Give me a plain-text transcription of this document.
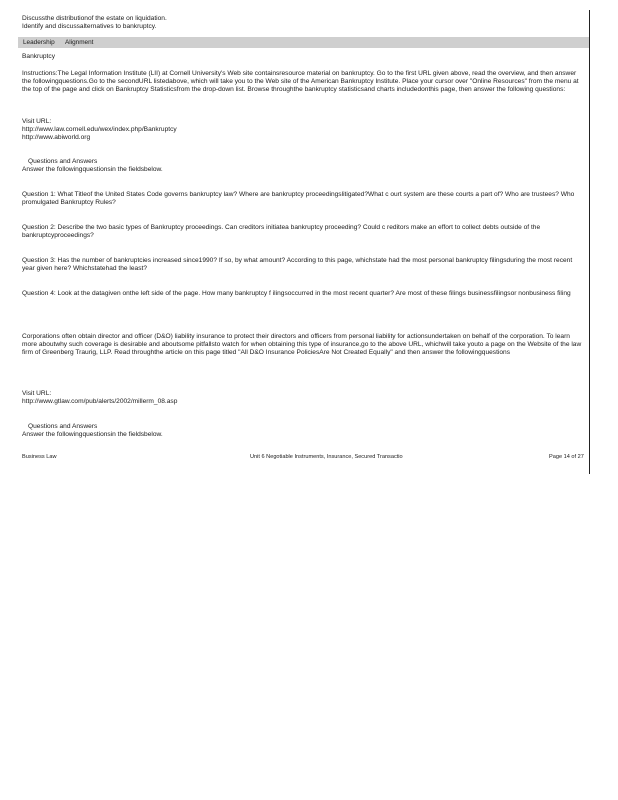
Discussthe distributionof the estate on liquidation.

Identify and discussalternatives to bankruptcy.

Leadership Alignment

Bankruptcy

Instructions:The Legal Information Institute (LII) at Cornell University's Web site containsresource material on bankruptcy. Go to the first URL given above, read the overview, and then answer the followingquestions.Go to the secondURL listedabove, which will take you to the Web site of the American Bankruptcy Institute. Place your cursor over "Online Resources" from the menu at the top of the page and click on Bankruptcy Statisticsfrom the drop-down list. Browse throughthe bankruptcy statisticsand charts includedonthis page, then answer the following questions:

Visit URL:

http://www.law.cornell.edu/wex/index.php/Bankruptcy
http://www.abiworld.org

Questions and Answers

Answer the followingquestionsin the fieldsbelow.

Question 1: What Titleof the United States Code governs bankruptcy law? Where are bankruptcy proceedingslitigated?What c ourt system are these courts a part of? Who are trustees? Who promulgated Bankruptcy Rules?

Question 2: Describe the two basic types of Bankruptcy proceedings. Can creditors initiatea bankruptcy proceeding? Could c reditors make an effort to collect debts outside of the bankruptcyproceedings?

Question 3: Has the number of bankruptcies increased since1990? If so, by what amount? According to this page, whichstate had the most personal bankruptcy filingsduring the most recent year given here? Whichstatehad the least?

Question 4: Look at the datagiven onthe left side of the page. How many bankruptcy f ilingsoccurred in the most recent quarter? Are most of these filings businessfilingsor nonbusiness filing

Corporations often obtain director and officer (D&O) liability insurance to protect their directors and officers from personal liability for actionsundertaken on behalf of the corporation. To learn more aboutwhy such coverage is desirable and aboutsome pitfallsto watch for when obtaining this type of insurance,go to the above URL, whichwill take youto a page on the Website of the law firm of Greenberg Traurig, LLP. Read throughthe article on this page titled "All D&O Insurance PoliciesAre Not Created Equally" and then answer the followingquestions

Visit URL:

http://www.gtlaw.com/pub/alerts/2002/millerm_08.asp

Questions and Answers

Answer the followingquestionsin the fieldsbelow.

Business Law	Unit 6 Negotiable Instruments, Insurance, Secured Transactio	Page 14 of 27
